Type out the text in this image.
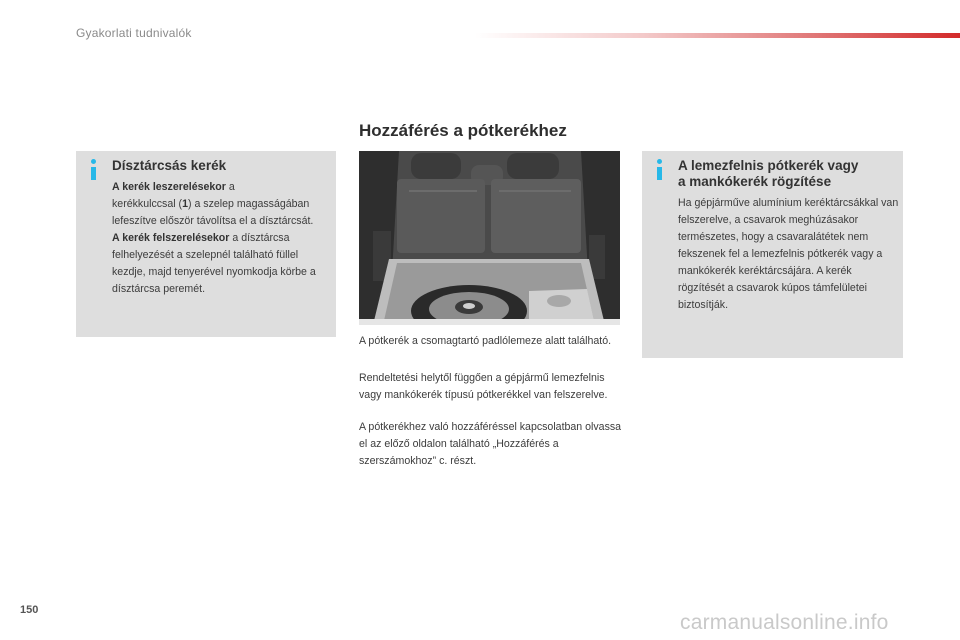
Gyakorlati tudnivalók
Hozzáférés a pótkerékhez
Dísztárcsás kerék
A kerék leszerelésekor a
kerékkulccsal (1) a szelep magasságában lefeszítve először távolítsa el a dísztárcsát.
A kerék felszerelésekor a dísztárcsa felhelyezését a szelepnél található füllel kezdje, majd tenyerével nyomkodja körbe a dísztárcsa peremét.
A pótkerék a csomagtartó padlólemeze alatt található.
Rendeltetési helytől függően a gépjármű lemezfelnis vagy mankókerék típusú pótkerékkel van felszerelve.
A pótkerékhez való hozzáféréssel kapcsolatban olvassa el az előző oldalon található „Hozzáférés a szerszámokhoz” c. részt.
A lemezfelnis pótkerék vagy
a mankókerék rögzítése
Ha gépjárműve alumínium keréktárcsákkal van felszerelve, a csavarok meghúzásakor természetes, hogy a csavaralátétek nem fekszenek fel a lemezfelnis pótkerék vagy a mankókerék keréktárcsájára. A kerék rögzítését a csavarok kúpos támfelületei biztosítják.
150
carmanualsonline.info
